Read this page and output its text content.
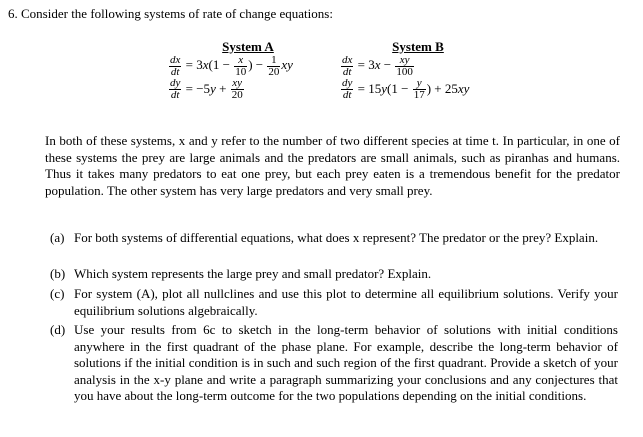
6. Consider the following systems of rate of change equations:
System A
$\frac{dx}{dt} = 3x(1 - \frac{x}{10}$ ) − $\frac{1}{20}$ xy
$\frac{dy}{dt} = -5y + \frac{xy}{20}$
System B
$\frac{dx}{dt} = 3x - \frac{xy}{100}$
$\frac{dy}{dt} = 15y(1 - \frac{y}{17}$ ) + 25xy

In both of these systems, x and y refer to the number of two different species at time t. In particular, in one of these systems the prey are large animals and the predators are small animals, such as piranhas and humans. Thus it takes many predators to eat one prey, but each prey eaten is a tremendous benefit for the predator population. The other system has very large predators and very small prey.

(a) For both systems of differential equations, what does x represent? The predator or the prey? Explain.
(b) Which system represents the large prey and small predator? Explain.
(c) For system (A), plot all nullclines and use this plot to determine all equilibrium solutions. Verify your equilibrium solutions algebraically.
(d) Use your results from 6c to sketch in the long-term behavior of solutions with initial conditions anywhere in the first quadrant of the phase plane. For example, describe the long-term behavior of solutions if the initial condition is in such and such region of the first quadrant. Provide a sketch of your analysis in the x-y plane and write a paragraph summarizing your conclusions and any conjectures that you have about the long-term outcome for the two populations depending on the initial conditions.
